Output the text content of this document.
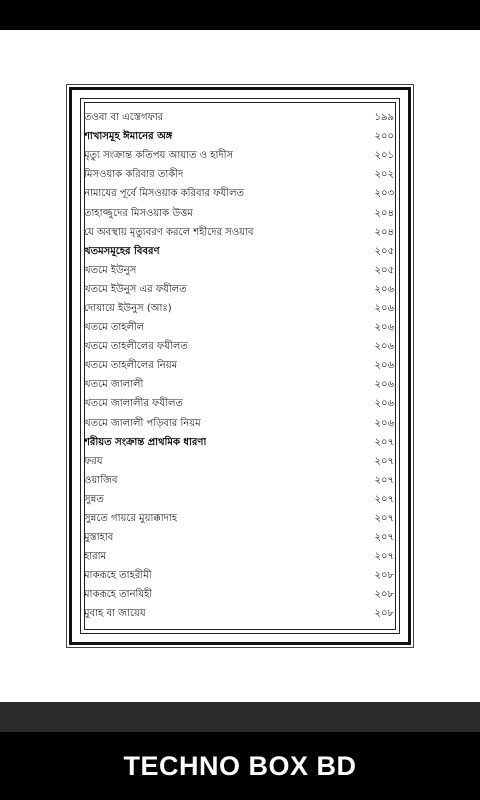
তওবা বা এস্তেগফার	১৯৯
শাখাসমূহ ঈমানের অঙ্গ	২০০
মৃত্যু সংক্রান্ত কতিপয় আয়াত ও হাদীস	২০১
মিসওয়াক করিবার তাকীদ	২০২
নামাযের পূর্বে মিসওয়াক করিবার ফযীলত	২০৩
তাহাজ্জুদের মিসওয়াক উত্তম	২০৪
যে অবস্থায় মৃত্যুবরণ করলে শহীদের সওয়াব	২০৪
খতমসমূহের বিবরণ	২০৫
খতমে ইউনুস	২০৫
খতমে ইউনুস এর ফযীলত	২০৬
দোয়ায়ে ইউনুস (আঃ)	২০৬
খতমে তাহলীল	২০৬
খতমে তাহলীলের ফযীলত	২০৬
খতমে তাহলীলের নিয়ম	২০৬
খতমে জালালী	২০৬
খতমে জালালীর ফযীলত	২০৬
খতমে জালালী পড়িবার নিয়ম	২০৬
শরীয়ত সংক্রান্ত প্রাথমিক ধারণা	২০৭
ফরয	২০৭
ওয়াজিব	২০৭
সুন্নত	২০৭
সুন্নতে গায়রে মুয়াক্কাদাহ	২০৭
মুস্তাহাব	২০৭
হারাম	২০৭
মাকরূহে তাহরীমী	২০৮
মাকরূহে তানযিহী	২০৮
মুবাহ বা জায়েয	২০৮
TECHNO BOX BD
